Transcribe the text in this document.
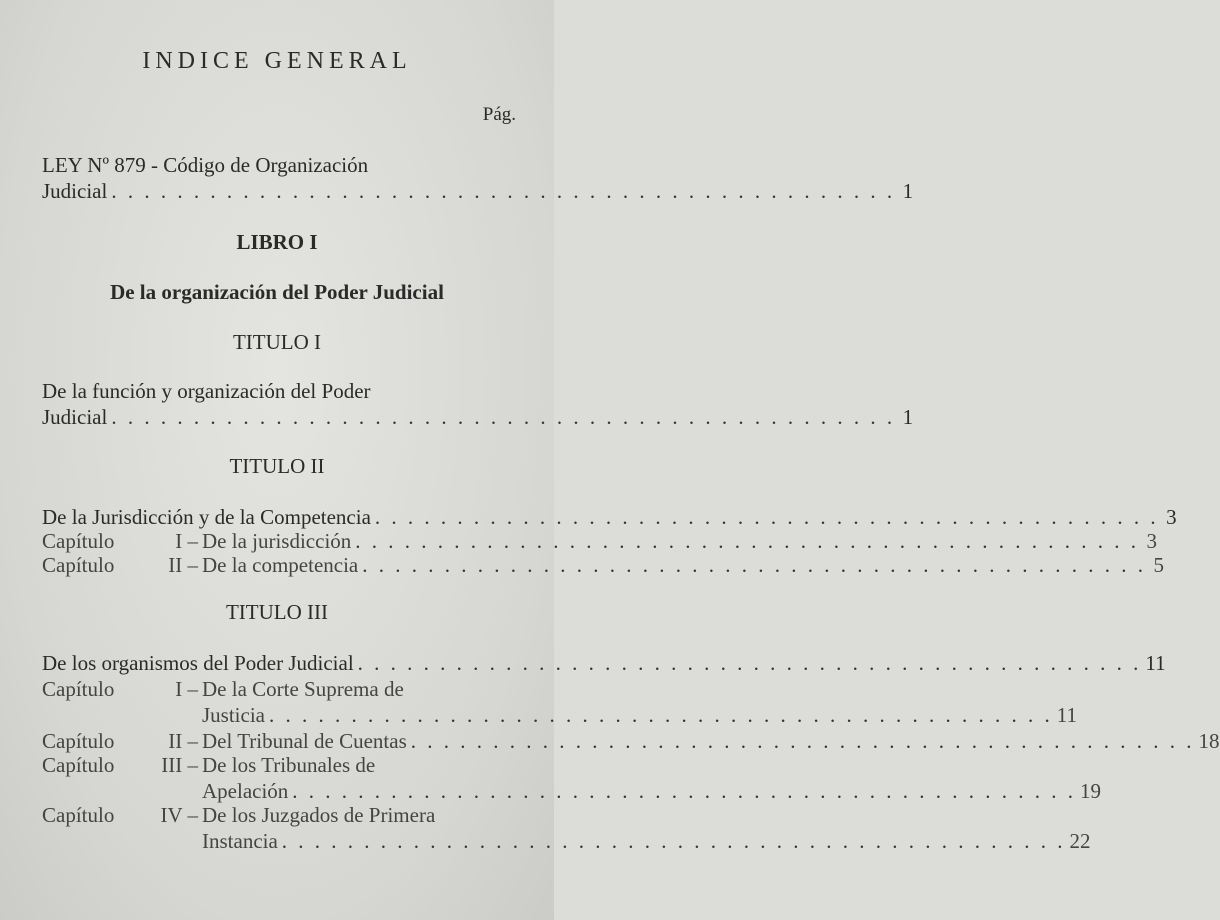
INDICE GENERAL
Pág.
LEY Nº 879 - Código de Organización
Judicial . . .	1
LIBRO I
De la organización del Poder Judicial
TITULO I
De la función y organización del Poder
Judicial . . .	1
TITULO II
De la Jurisdicción y de la Competencia . . .	3
Capítulo	I – De la jurisdicción . . .	3
Capítulo	II – De la competencia . . .	5
TITULO III
De los organismos del Poder Judicial . . .	11
Capítulo	I – De la Corte Suprema de
Justicia . . .	11
Capítulo	II – Del Tribunal de Cuentas . . .	18
Capítulo III – De los Tribunales de
Apelación . . .	19
Capítulo IV – De los Juzgados de Primera
Instancia . . .	22
